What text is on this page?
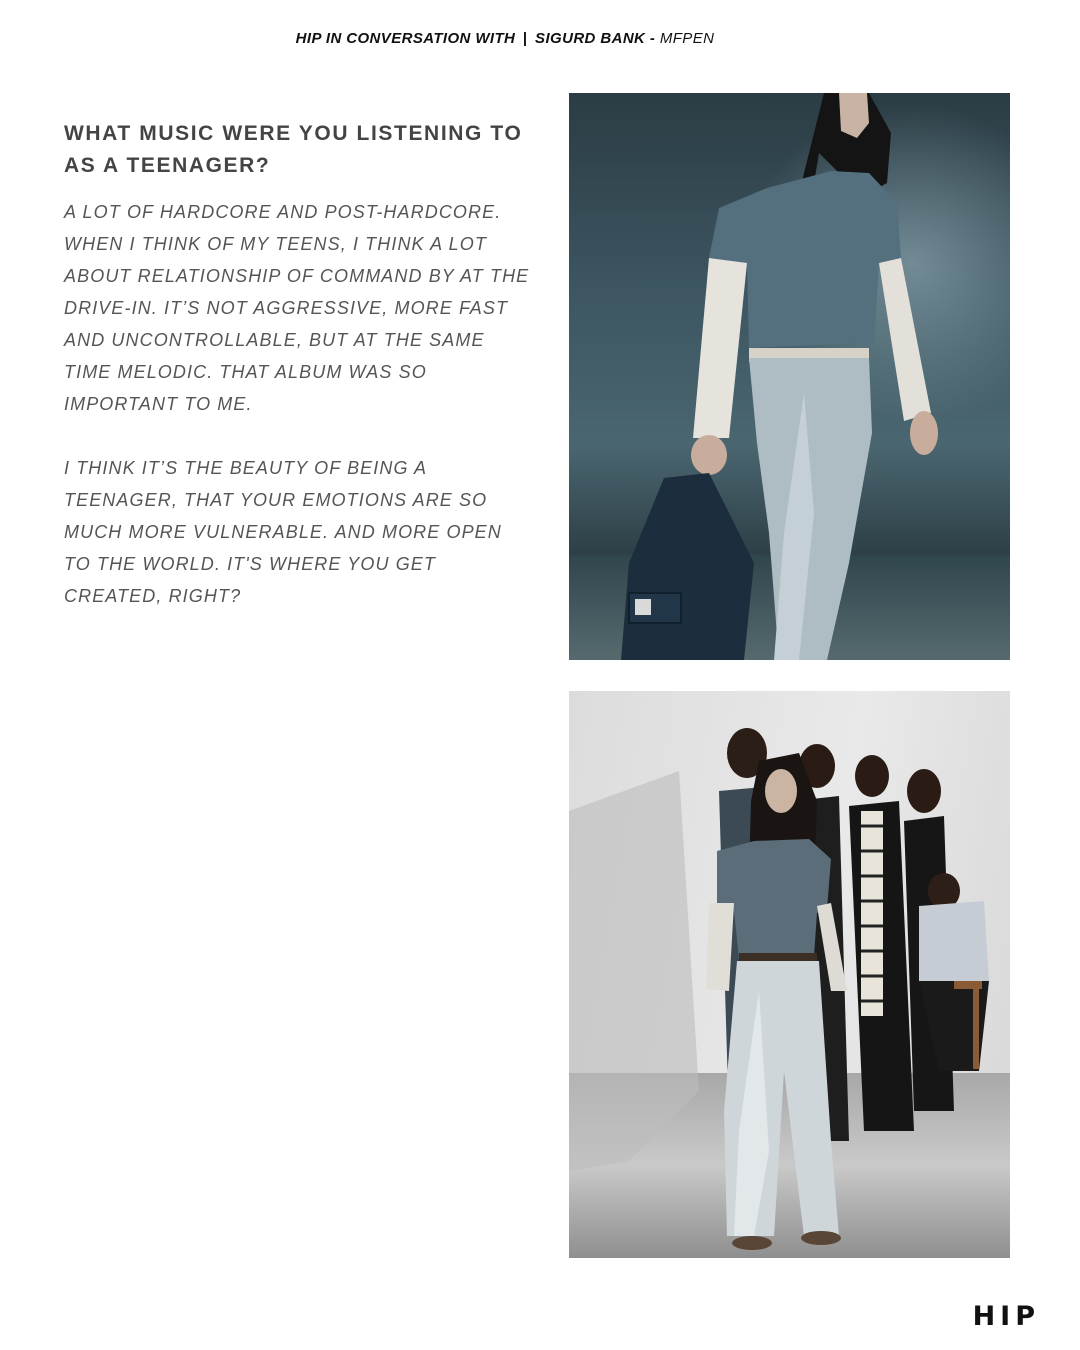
HIP IN CONVERSATION WITH | SIGURD BANK - MFPEN
WHAT MUSIC WERE YOU LISTENING TO AS A TEENAGER?

A LOT OF HARDCORE AND POST-HARDCORE. WHEN I THINK OF MY TEENS, I THINK A LOT ABOUT RELATIONSHIP OF COMMAND BY AT THE DRIVE-IN. IT’S NOT AGGRESSIVE, MORE FAST AND UNCONTROLLABLE, BUT AT THE SAME TIME MELODIC. THAT ALBUM WAS SO IMPORTANT TO ME.

I THINK IT’S THE BEAUTY OF BEING A TEENAGER, THAT YOUR EMOTIONS ARE SO MUCH MORE VULNERABLE. AND MORE OPEN TO THE WORLD. IT'S WHERE YOU GET CREATED, RIGHT?

HIP
